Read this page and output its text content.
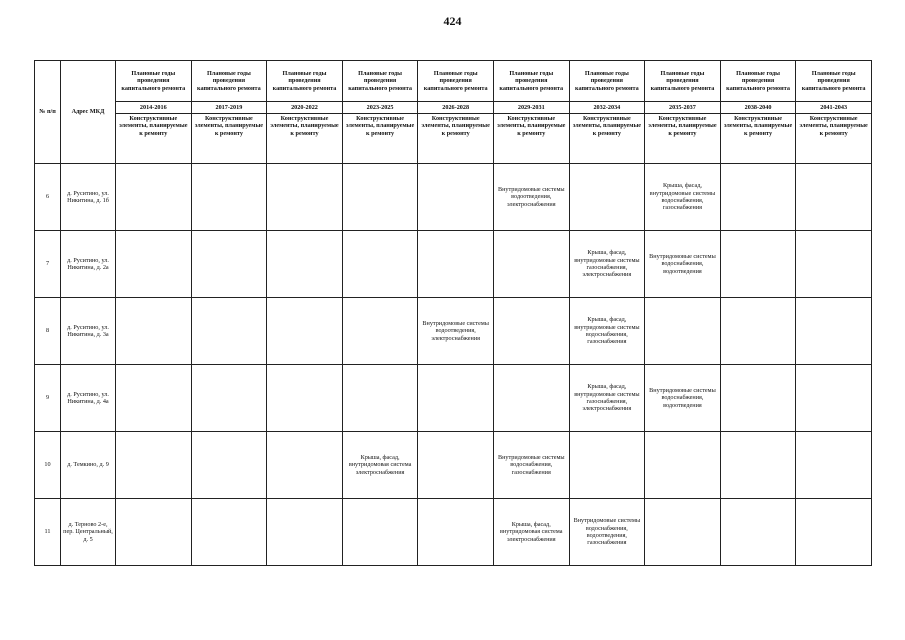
424
№ п/п	Адрес МКД	Плановые годы проведения капитального ремонта	Плановые годы проведения капитального ремонта	Плановые годы проведения капитального ремонта	Плановые годы проведения капитального ремонта	Плановые годы проведения капитального ремонта	Плановые годы проведения капитального ремонта	Плановые годы проведения капитального ремонта	Плановые годы проведения капитального ремонта	Плановые годы проведения капитального ремонта	Плановые годы проведения капитального ремонта
		2014-2016	2017-2019	2020-2022	2023-2025	2026-2028	2029-2031	2032-2034	2035-2037	2038-2040	2041-2043
		Конструктивные элементы, планируемые к ремонту	Конструктивные элементы, планируемые к ремонту	Конструктивные элементы, планируемые к ремонту	Конструктивные элементы, планируемые к ремонту	Конструктивные элементы, планируемые к ремонту	Конструктивные элементы, планируемые к ремонту	Конструктивные элементы, планируемые к ремонту	Конструктивные элементы, планируемые к ремонту	Конструктивные элементы, планируемые к ремонту	Конструктивные элементы, планируемые к ремонту
6	д. Руситино, ул. Никитина, д. 1б						Внутридомовые системы водоотведения, электроснабжения		Крыша, фасад, внутридомовые системы водоснабжения, газоснабжения		
7	д. Руситино, ул. Никитина, д. 2а							Крыша, фасад, внутридомовые системы газоснабжения, электроснабжения	Внутридомовые системы водоснабжения, водоотведения		
8	д. Руситино, ул. Никитина, д. 3а					Внутридомовые системы водоотведения, электроснабжения		Крыша, фасад, внутридомовые системы водоснабжения, газоснабжения			
9	д. Руситино, ул. Никитина, д. 4а							Крыша, фасад, внутридомовые системы газоснабжения, электроснабжения	Внутридомовые системы водоснабжения, водоотведения		
10	д. Темкино, д. 9				Крыша, фасад, внутридомовая система электроснабжения		Внутридомовые системы водоснабжения, газоснабжения				
11	д. Терново 2-е, пер. Центральный, д. 5						Крыша, фасад, внутридомовая система электроснабжения	Внутридомовые системы водоснабжения, водоотведения, газоснабжения			
